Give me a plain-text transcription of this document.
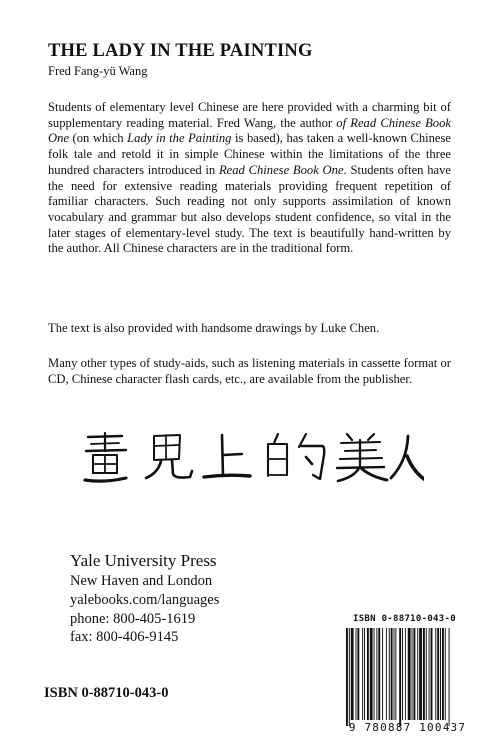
THE LADY IN THE PAINTING
Fred Fang-yü Wang

Students of elementary level Chinese are here provided with a charming bit of supplementary reading material. Fred Wang, the author of Read Chinese Book One (on which Lady in the Painting is based), has taken a well-known Chinese folk tale and retold it in simple Chinese within the limitations of the three hundred characters introduced in Read Chinese Book One. Students often have the need for extensive reading materials providing frequent repetition of familiar characters. Such reading not only supports assimilation of known vocabulary and grammar but also develops student confidence, so vital in the later stages of elementary-level study. The text is beautifully hand-written by the author. All Chinese characters are in the traditional form.

The text is also provided with handsome drawings by Luke Chen.

Many other types of study-aids, such as listening materials in cassette format or CD, Chinese character flash cards, etc., are available from the publisher.

Yale University Press
New Haven and London
yalebooks.com/languages
phone: 800-405-1619
fax: 800-406-9145
ISBN 0-88710-043-0
ISBN 0-88710-043-0
9 780887 100437
